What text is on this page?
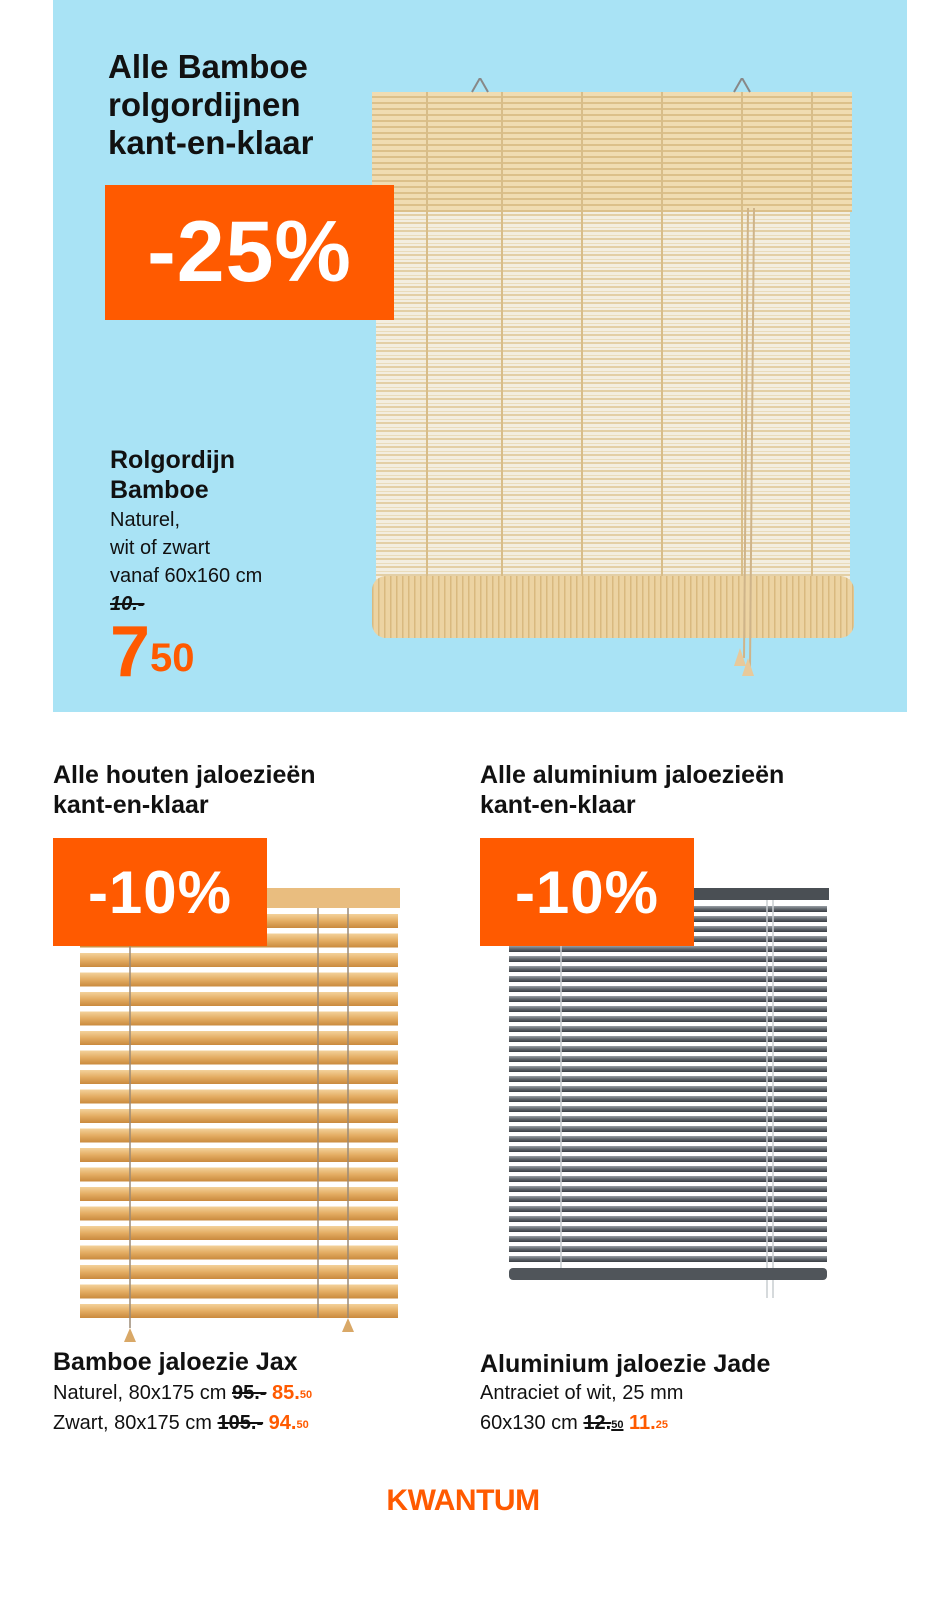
Alle Bamboe
rolgordijnen
kant-en-klaar
-25%
Rolgordijn
Bamboe
Naturel,
wit of zwart
vanaf 60x160 cm
10.-
$7^{50}$
Alle houten jaloezieën
kant-en-klaar
-10%
Bamboe jaloezie Jax
Naturel, 80x175 cm 95.- 85.50
Zwart, 80x175 cm 105.- 94.50
Alle aluminium jaloezieën
kant-en-klaar
-10%
Aluminium jaloezie Jade
Antraciet of wit, 25 mm
60x130 cm 12.50 11.25
KWANTUM
